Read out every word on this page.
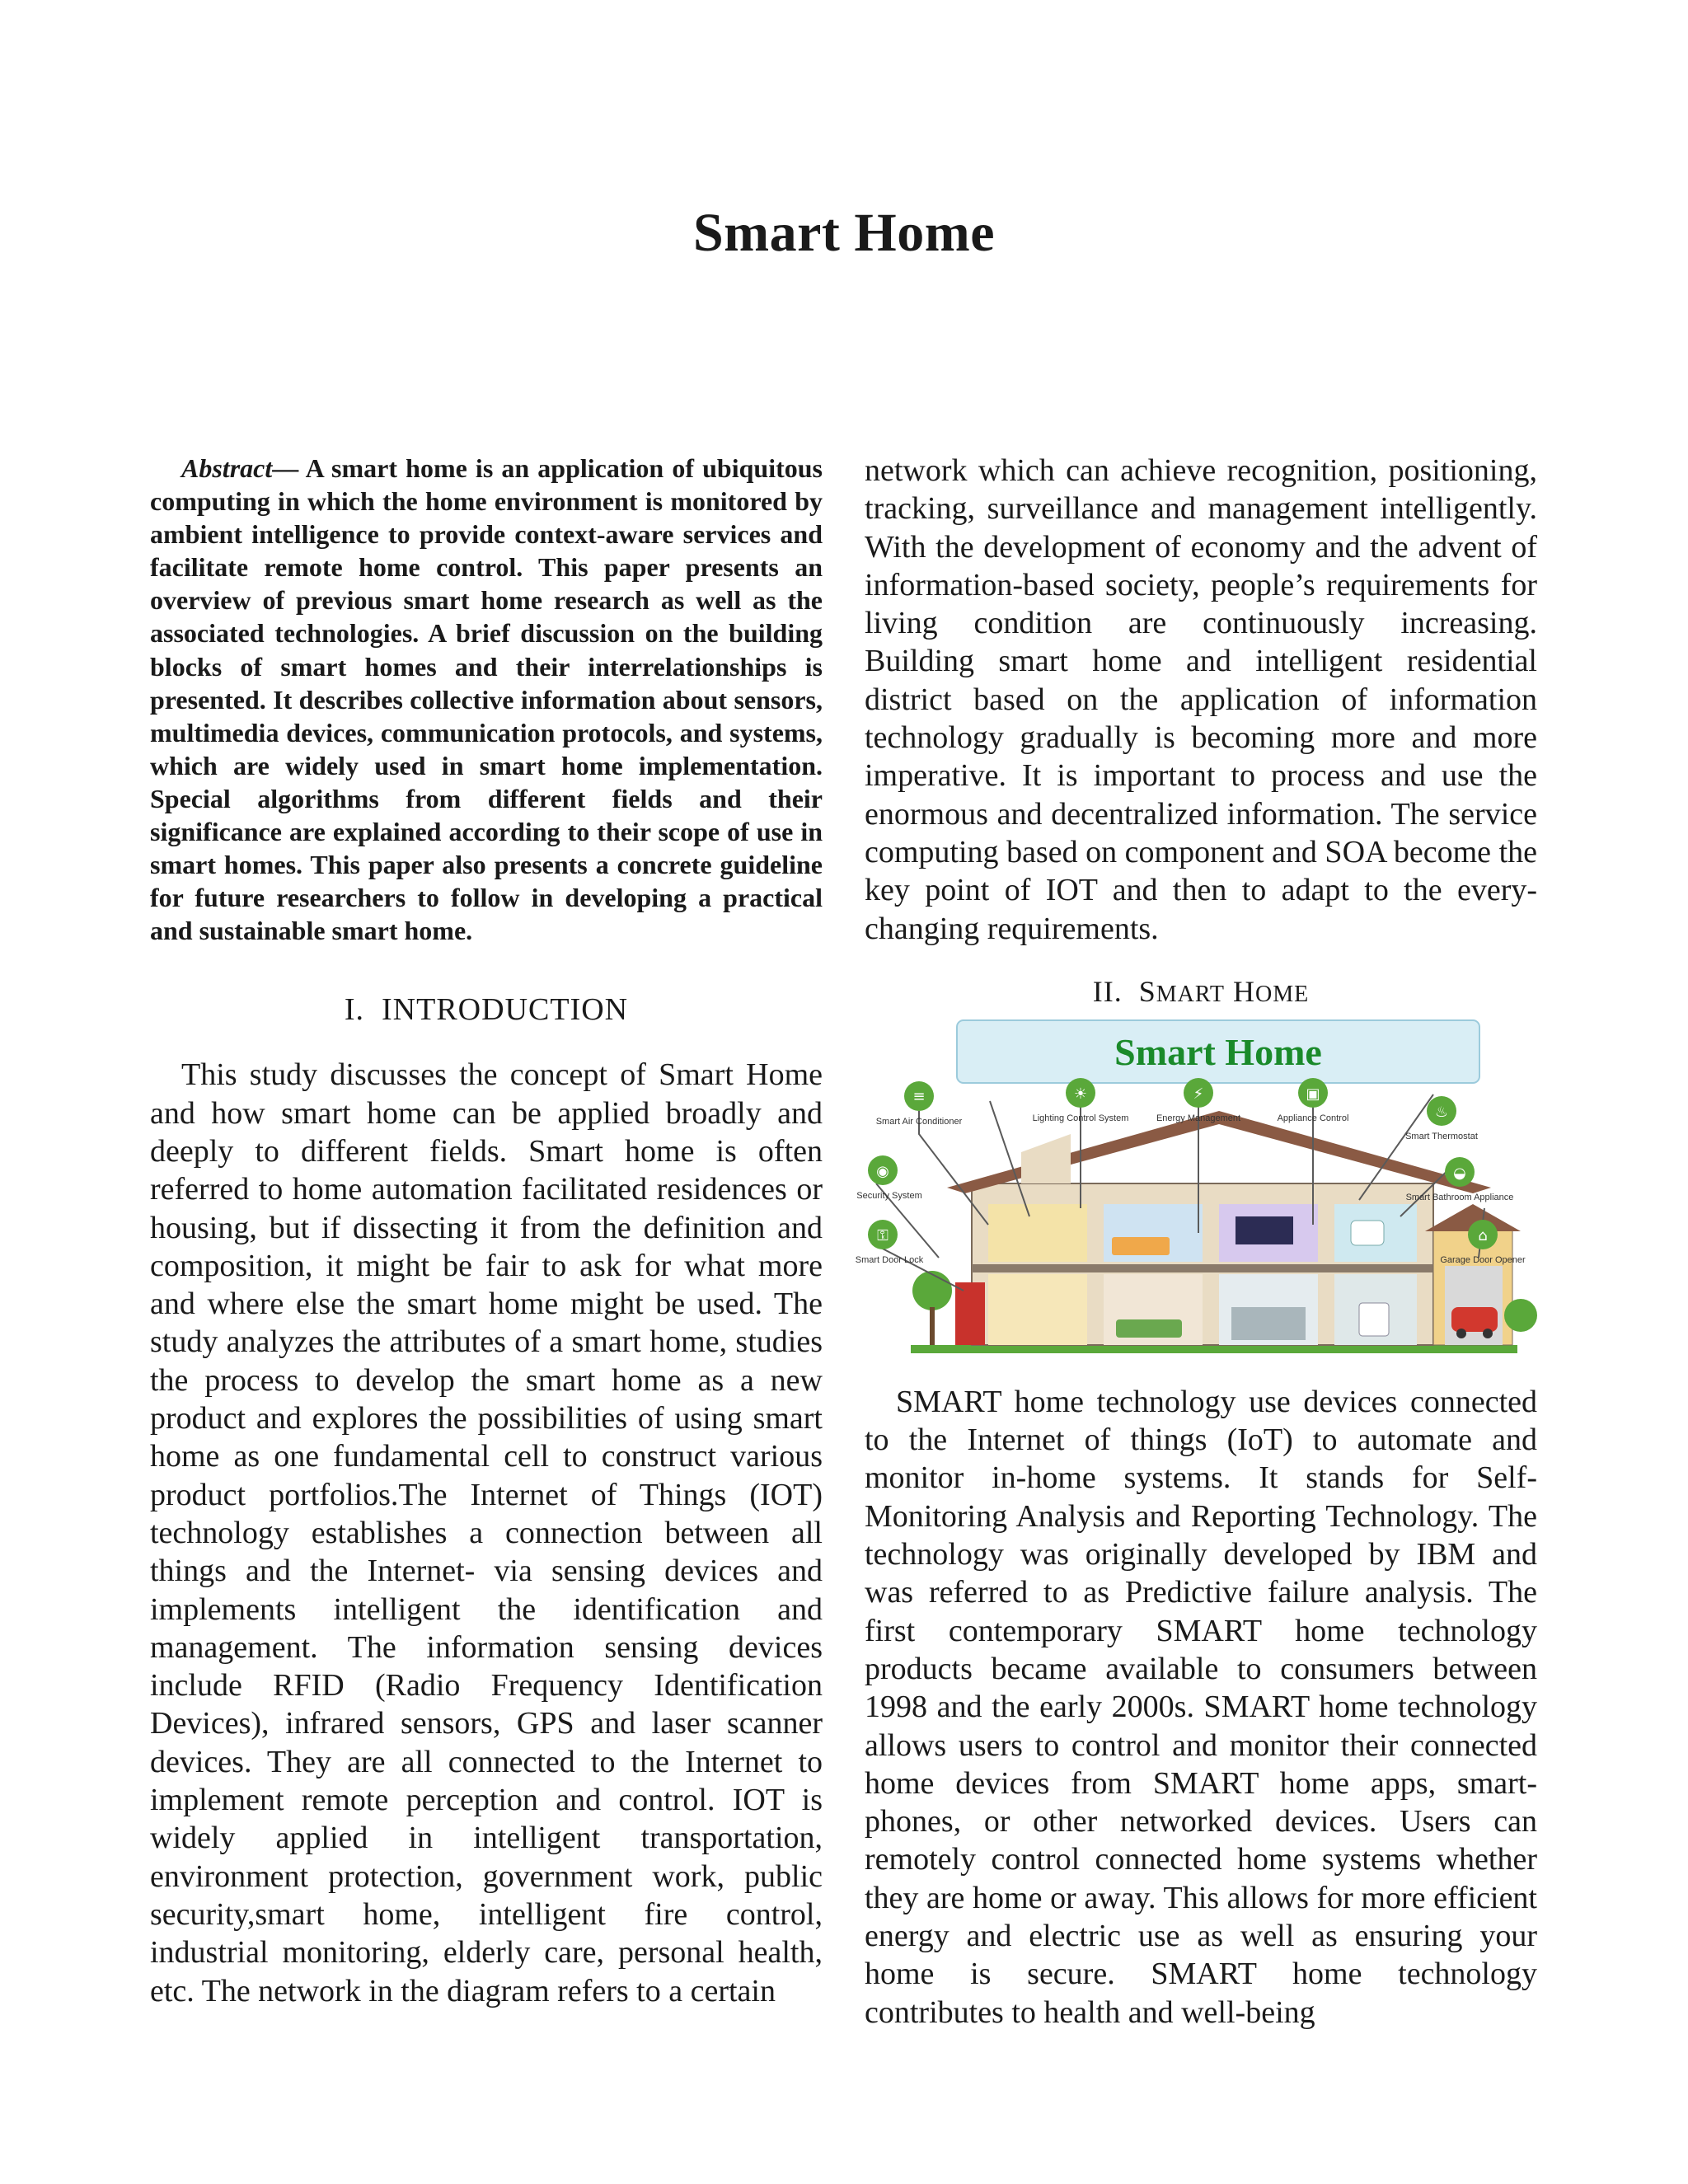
Smart Home

Abstract— A smart home is an application of ubiquitous computing in which the home environment is monitored by ambient intelligence to provide context-aware services and facilitate remote home control. This paper presents an overview of previous smart home research as well as the associated technologies. A brief discussion on the building blocks of smart homes and their interrelationships is presented. It describes collective information about sensors, multimedia devices, communication protocols, and systems, which are widely used in smart home implementation. Special algorithms from different fields and their significance are explained according to their scope of use in smart homes. This paper also presents a concrete guideline for future researchers to follow in developing a practical and sustainable smart home.

I. INTRODUCTION

This study discusses the concept of Smart Home and how smart home can be applied broadly and deeply to different fields. Smart home is often referred to home automation facilitated residences or housing, but if dissecting it from the definition and composition, it might be fair to ask for what more and where else the smart home might be used. The study analyzes the attributes of a smart home, studies the process to develop the smart home as a new product and explores the possibilities of using smart home as one fundamental cell to construct various product portfolios.The Internet of Things (IOT) technology establishes a connection between all things and the Internet- via sensing devices and implements intelligent the identification and management. The information sensing devices include RFID (Radio Frequency Identification Devices), infrared sensors, GPS and laser scanner devices. They are all connected to the Internet to implement remote perception and control. IOT is widely applied in intelligent transportation, environment protection, government work, public security,smart home, intelligent fire control, industrial monitoring, elderly care, personal health, etc. The network in the diagram refers to a certain

network which can achieve recognition, positioning, tracking, surveillance and management intelligently. With the development of economy and the advent of information-based society, people’s requirements for living condition are continuously increasing. Building smart home and intelligent residential district based on the application of information technology gradually is becoming more and more imperative. It is important to process and use the enormous and decentralized information. The service computing based on component and SOA become the key point of IOT and then to adapt to the every-changing requirements.

II. SMART HOME
Smart Home
Smart Air Conditioner	Lighting Control System	Energy Management	Appliance Control
Smart Thermostat
Security System	Smart Bathroom Appliance
Smart Door Lock	Garage Door Opener
≡	☀	⚡	▣
♨
◉	◒
⚿	⌂

SMART home technology use devices connected to the Internet of things (IoT) to automate and monitor in-home systems. It stands for Self-Monitoring Analysis and Reporting Technology. The technology was originally developed by IBM and was referred to as Predictive failure analysis. The first contemporary SMART home technology products became available to consumers between 1998 and the early 2000s. SMART home technology allows users to control and monitor their connected home devices from SMART home apps, smart-phones, or other networked devices. Users can remotely control connected home systems whether they are home or away. This allows for more efficient energy and electric use as well as ensuring your home is secure. SMART home technology contributes to health and well-being
